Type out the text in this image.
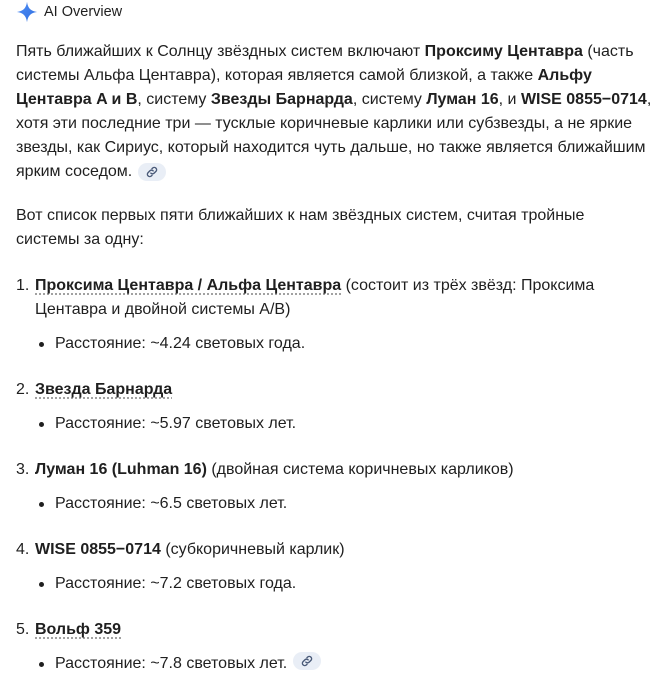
AI Overview

Пять ближайших к Солнцу звёздных систем включают Проксиму Центавра (часть системы Альфа Центавра), которая является самой близкой, а также Альфу Центавра A и B, систему Звезды Барнарда, систему Луман 16, и WISE 0855−0714, хотя эти последние три — тусклые коричневые карлики или субзвезды, а не яркие звезды, как Сириус, который находится чуть дальше, но также является ближайшим ярким соседом.

Вот список первых пяти ближайших к нам звёздных систем, считая тройные системы за одну:

1. Проксима Центавра / Альфа Центавра (состоит из трёх звёзд: Проксима Центавра и двойной системы A/B)
Расстояние: ~4.24 световых года.
2. Звезда Барнарда
Расстояние: ~5.97 световых лет.
3. Луман 16 (Luhman 16) (двойная система коричневых карликов)
Расстояние: ~6.5 световых лет.
4. WISE 0855−0714 (субкоричневый карлик)
Расстояние: ~7.2 световых года.
5. Вольф 359
Расстояние: ~7.8 световых лет.
